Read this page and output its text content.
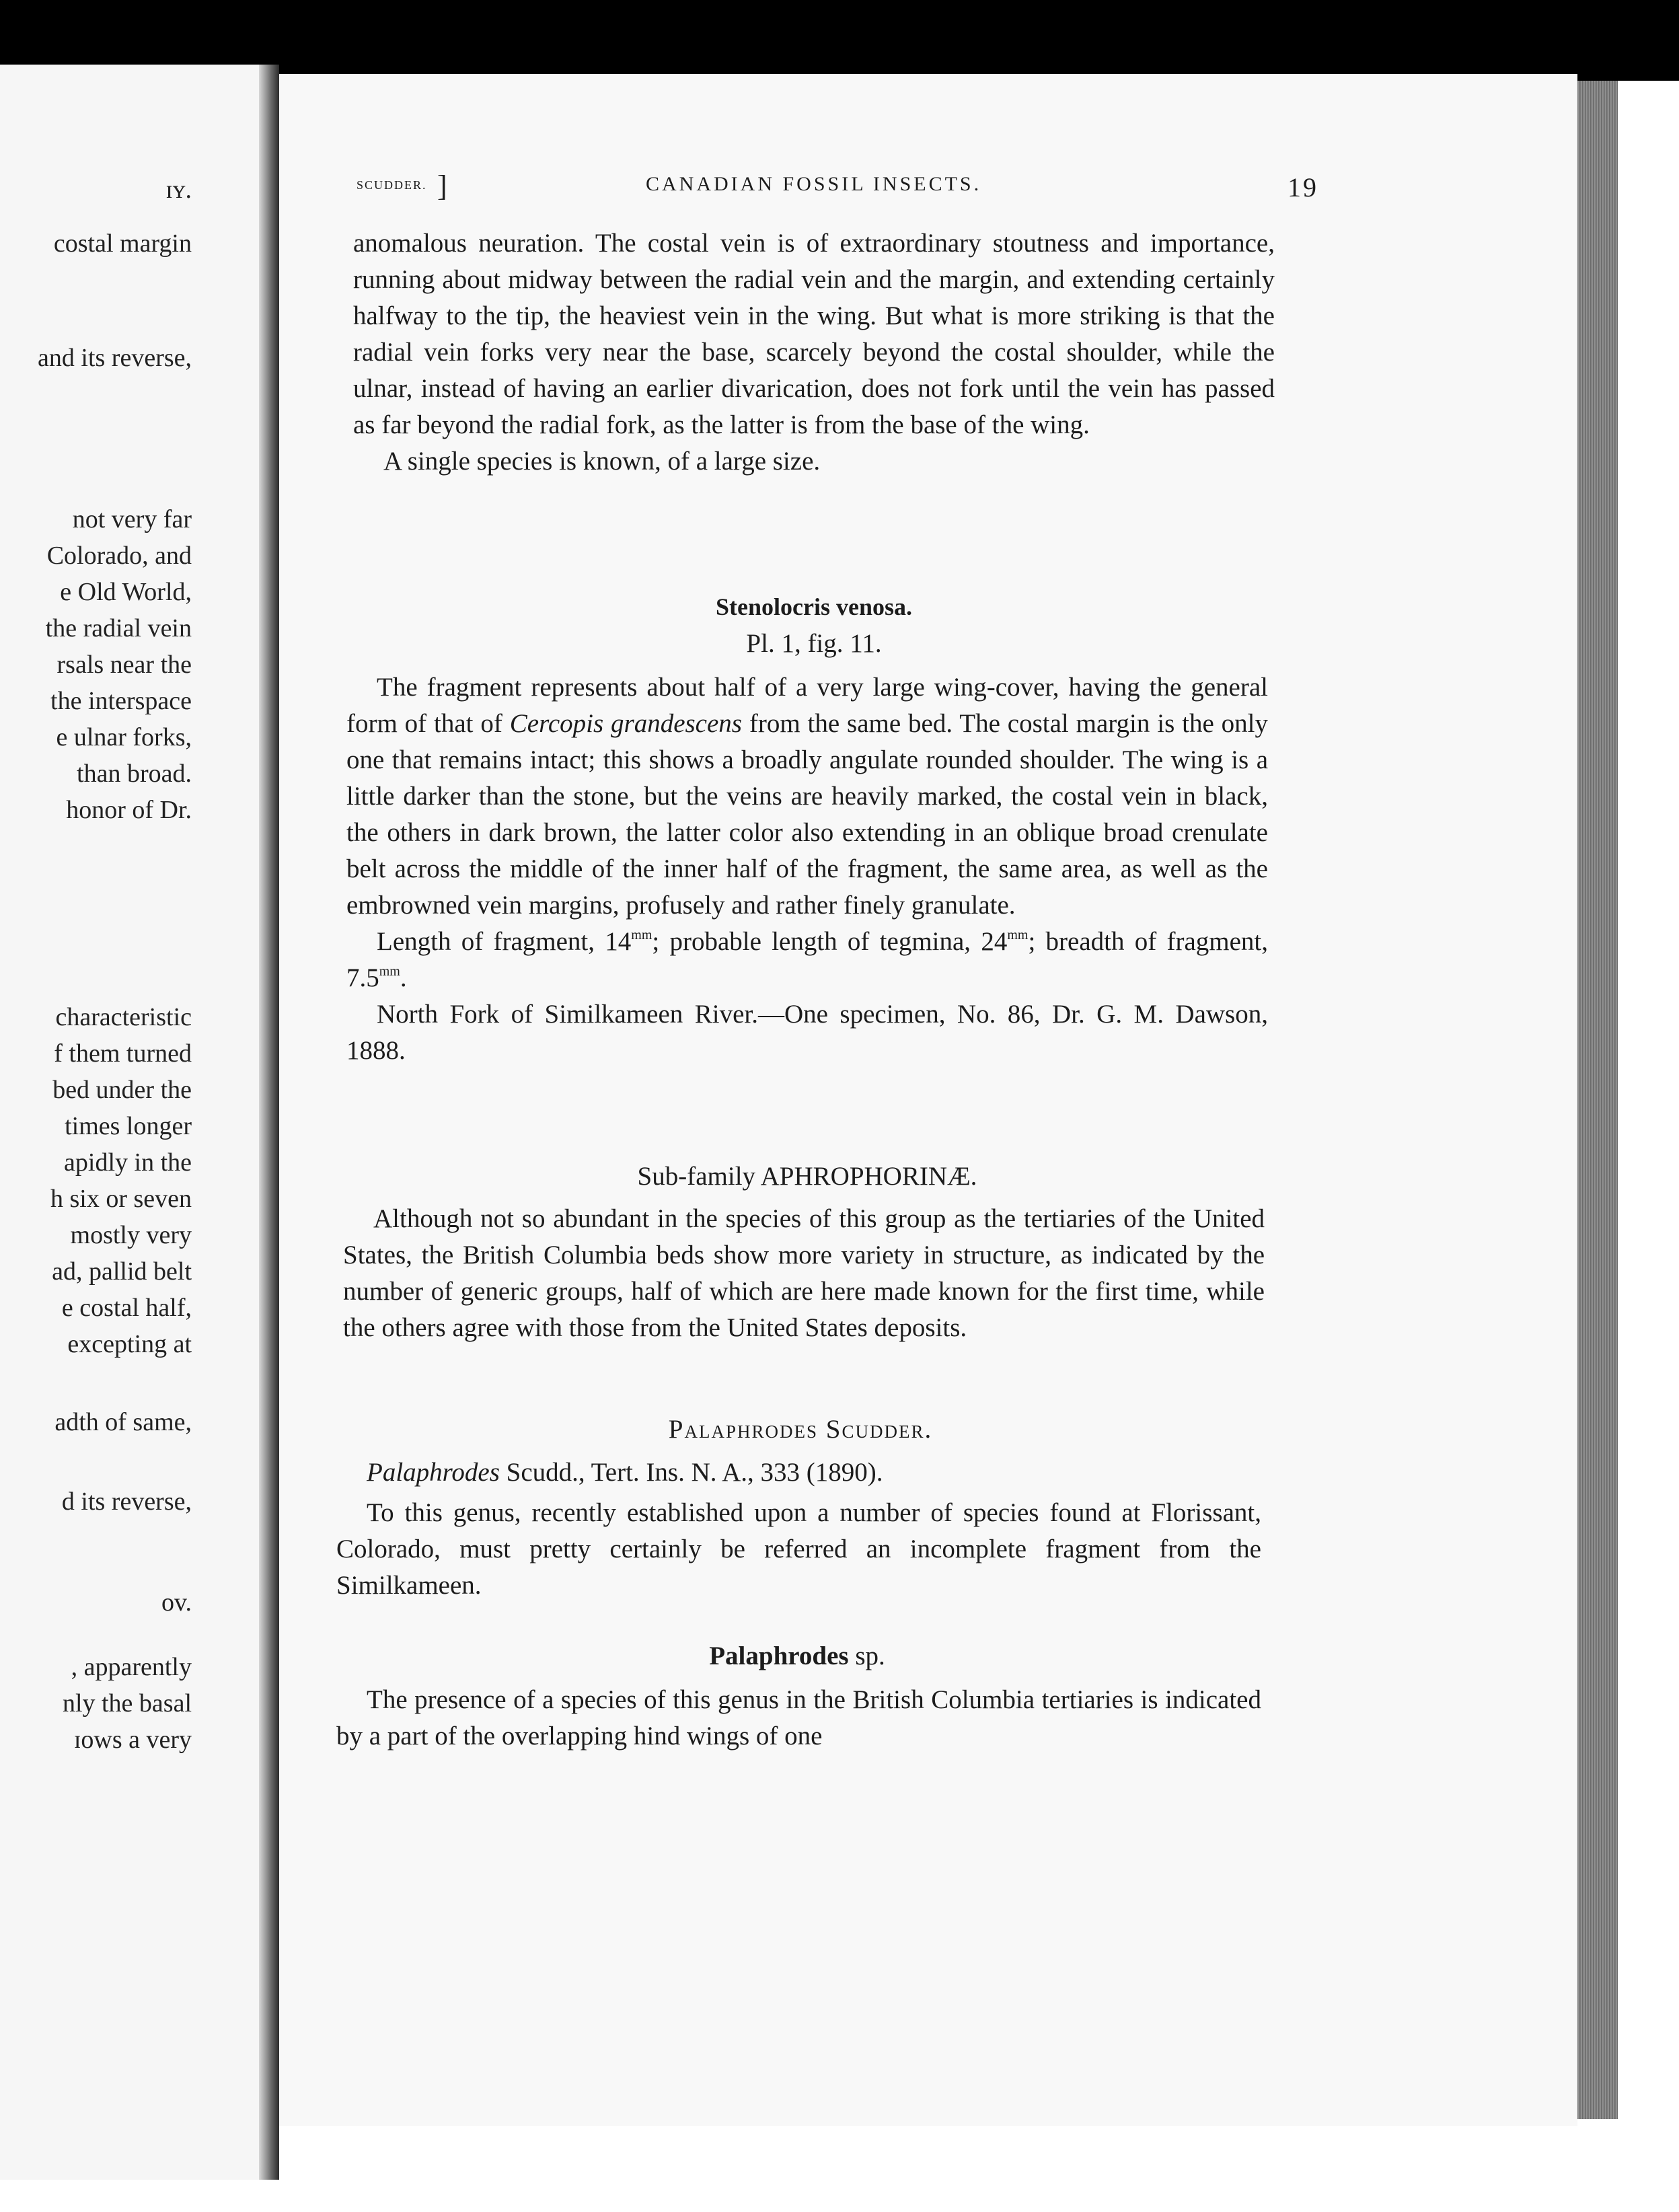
ɪʏ.
costal margin
and its reverse,
not very far
Colorado, and
e Old World,
the radial vein
rsals near the
the interspace
e ulnar forks,
than broad.
honor of Dr.
characteristic
f them turned
bed under the
times longer
apidly in the
h six or seven
mostly very
ad, pallid belt
e costal half,
excepting at
adth of same,
d its reverse,
ov.
, apparently
nly the basal
ɪows a very
SCUDDER. ]	CANADIAN FOSSIL INSECTS.	19

anomalous neuration. The costal vein is of extraordinary stoutness and importance, running about midway between the radial vein and the margin, and extending certainly halfway to the tip, the heaviest vein in the wing. But what is more striking is that the radial vein forks very near the base, scarcely beyond the costal shoulder, while the ulnar, instead of having an earlier divarication, does not fork until the vein has passed as far beyond the radial fork, as the latter is from the base of the wing.

A single species is known, of a large size.

Stenolocris venosa.
Pl. 1, fig. 11.

The fragment represents about half of a very large wing-cover, having the general form of that of Cercopis grandescens from the same bed. The costal margin is the only one that remains intact; this shows a broadly angulate rounded shoulder. The wing is a little darker than the stone, but the veins are heavily marked, the costal vein in black, the others in dark brown, the latter color also extending in an oblique broad crenulate belt across the middle of the inner half of the fragment, the same area, as well as the embrowned vein margins, profusely and rather finely granulate.

Length of fragment, $14^{mm}$; probable length of tegmina, $24^{mm}$; breadth of fragment, $7.5^{mm}$.

North Fork of Similkameen River.—One specimen, No. 86, Dr. G. M. Dawson, 1888.

Sub-family APHROPHORINÆ.

Although not so abundant in the species of this group as the tertiaries of the United States, the British Columbia beds show more variety in structure, as indicated by the number of generic groups, half of which are here made known for the first time, while the others agree with those from the United States deposits.

Palaphrodes Scudder.

Palaphrodes Scudd., Tert. Ins. N. A., 333 (1890).

To this genus, recently established upon a number of species found at Florissant, Colorado, must pretty certainly be referred an incomplete fragment from the Similkameen.

Palaphrodes sp.

The presence of a species of this genus in the British Columbia tertiaries is indicated by a part of the overlapping hind wings of one
